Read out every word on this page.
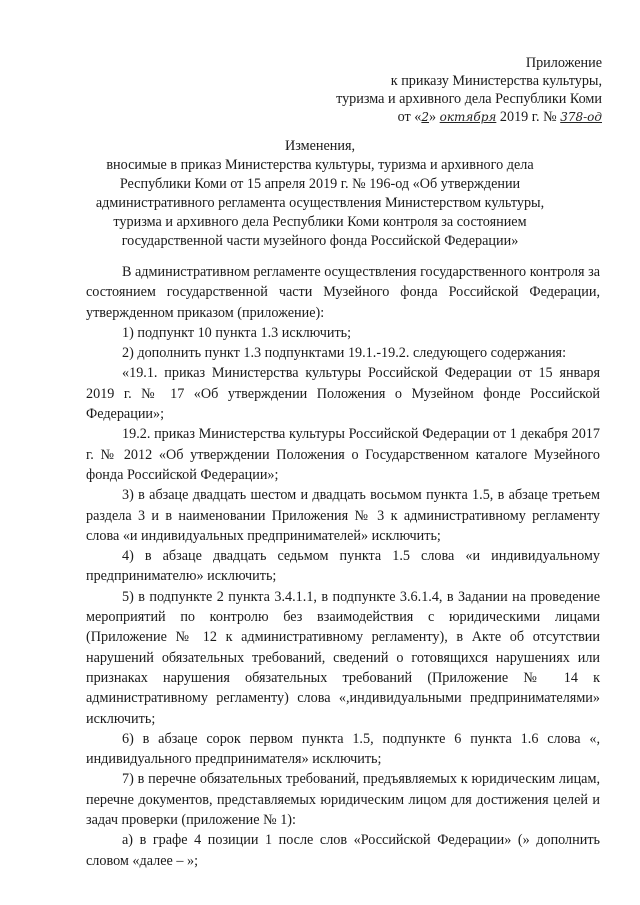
Приложение
к приказу Министерства культуры,
туризма и архивного дела Республики Коми
от «2» октября 2019 г. № 378-од
Изменения,
вносимые в приказ Министерства культуры, туризма и архивного дела Республики Коми от 15 апреля 2019 г. № 196-од «Об утверждении административного регламента осуществления Министерством культуры, туризма и архивного дела Республики Коми контроля за состоянием государственной части музейного фонда Российской Федерации»

В административном регламенте осуществления государственного контроля за состоянием государственной части Музейного фонда Российской Федерации, утвержденном приказом (приложение):

1) подпункт 10 пункта 1.3 исключить;

2) дополнить пункт 1.3 подпунктами 19.1.-19.2. следующего содержания:

«19.1. приказ Министерства культуры Российской Федерации от 15 января 2019 г. № 17 «Об утверждении Положения о Музейном фонде Российской Федерации»;

19.2. приказ Министерства культуры Российской Федерации от 1 декабря 2017 г. № 2012 «Об утверждении Положения о Государственном каталоге Музейного фонда Российской Федерации»;

3) в абзаце двадцать шестом и двадцать восьмом пункта 1.5, в абзаце третьем раздела 3 и в наименовании Приложения № 3 к административному регламенту слова «и индивидуальных предпринимателей» исключить;

4) в абзаце двадцать седьмом пункта 1.5 слова «и индивидуальному предпринимателю» исключить;

5) в подпункте 2 пункта 3.4.1.1, в подпункте 3.6.1.4, в Задании на проведение мероприятий по контролю без взаимодействия с юридическими лицами (Приложение № 12 к административному регламенту), в Акте об отсутствии нарушений обязательных требований, сведений о готовящихся нарушениях или признаках нарушения обязательных требований (Приложение № 14 к административному регламенту) слова «,индивидуальными предпринимателями» исключить;

6) в абзаце сорок первом пункта 1.5, подпункте 6 пункта 1.6 слова «, индивидуального предпринимателя» исключить;

7) в перечне обязательных требований, предъявляемых к юридическим лицам, перечне документов, представляемых юридическим лицом для достижения целей и задач проверки (приложение № 1):

а) в графе 4 позиции 1 после слов «Российской Федерации» (» дополнить словом «далее – »;
